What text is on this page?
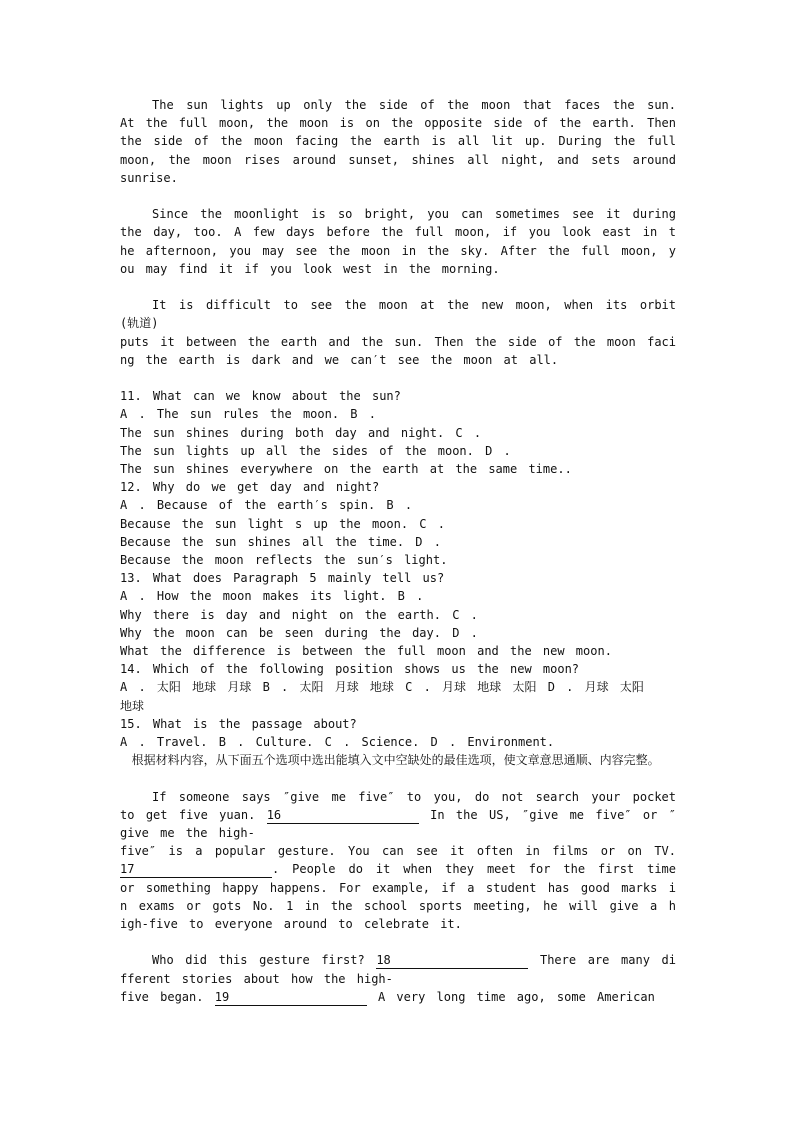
The sun lights up only the side of the moon that faces the sun. At the full moon, the moon is on the opposite side of the earth. Then the side of the moon facing the earth is all lit up. During the full moon, the moon rises around sunset, shines all night, and sets around sunrise.

Since the moonlight is so bright, you can sometimes see it during the day, too. A few days before the full moon, if you look east in the afternoon, you may see the moon in the sky. After the full moon, you may find it if you look west in the morning.

It is difficult to see the moon at the new moon, when its orbit(轨道)

puts it between the earth and the sun. Then the side of the moon facing the earth is dark and we can′t see the moon at all.

11. What can we know about the sun?

A . The sun rules the moon. B .

The sun shines during both day and night. C .

The sun lights up all the sides of the moon. D .

The sun shines everywhere on the earth at the same time..

12. Why do we get day and night?

A . Because of the earth′s spin. B .

Because the sun light s up the moon. C .

Because the sun shines all the time. D .

Because the moon reflects the sun′s light.

13. What does Paragraph 5 mainly tell us?

A . How the moon makes its light. B .

Why there is day and night on the earth. C .

Why the moon can be seen during the day. D .

What the difference is between the full moon and the new moon.

14. Which of the following position shows us the new moon?

A . 太阳 地球 月球 B . 太阳 月球 地球 C . 月球 地球 太阳 D . 月球 太阳

地球

15. What is the passage about?

A . Travel. B . Culture. C . Science. D . Environment.

根据材料内容，从下面五个选项中选出能填入文中空缺处的最佳选项，使文章意思通顺、内容完整。

If someone says ″give me five″ to you, do not search your pocket to get five yuan. 16	In the US, ″give me five″ or ″give me the high-

five″ is a popular gesture. You can see it often in films or on TV. 17	. People do it when they meet for the first time or something happy happens. For example, if a student has good marks in exams or gots No. 1 in the school sports meeting, he will give a high-five to everyone around to celebrate it.

Who did this gesture first? 18	There are many different stories about how the high-

five began. 19	A very long time ago, some American
